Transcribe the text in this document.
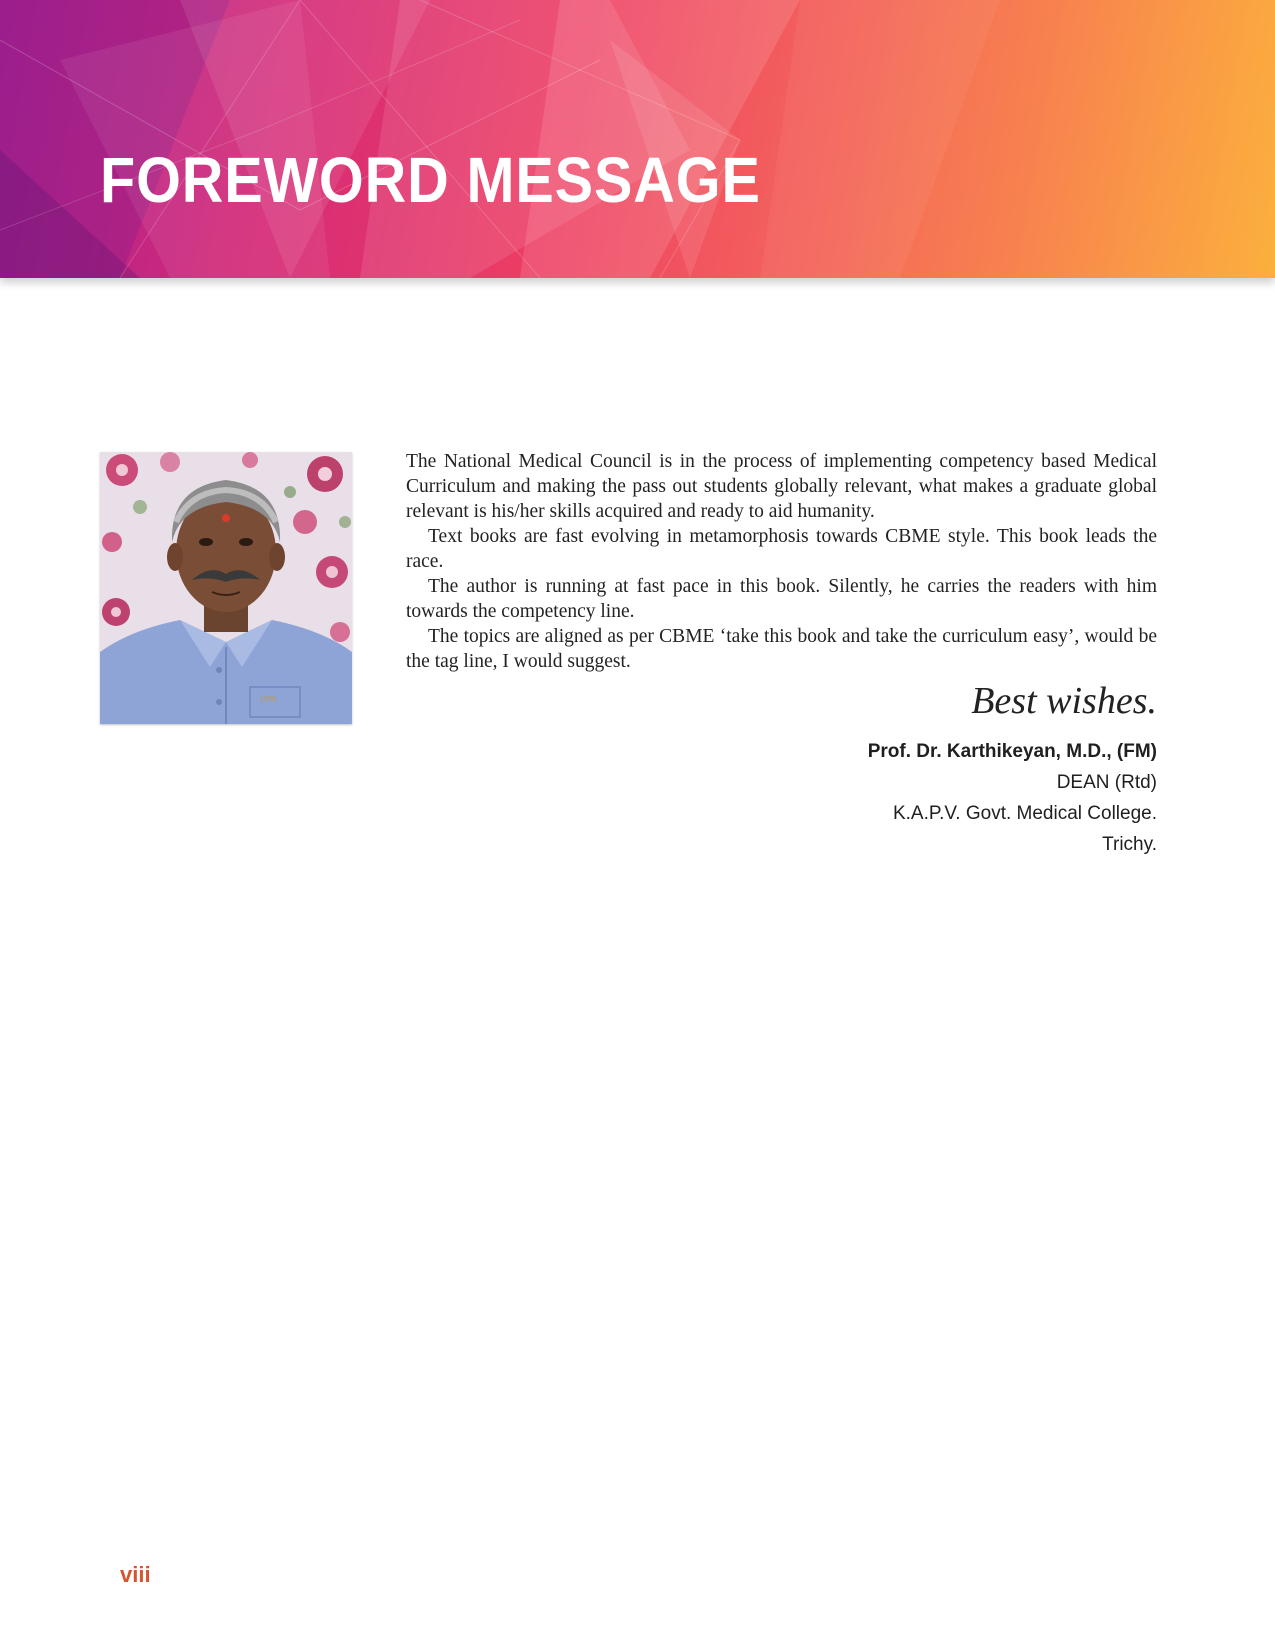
FOREWORD MESSAGE
UPN

The National Medical Council is in the process of implementing competency based Medical Curriculum and making the pass out students globally relevant, what makes a graduate global relevant is his/her skills acquired and ready to aid humanity.

Text books are fast evolving in metamorphosis towards CBME style. This book leads the race.

The author is running at fast pace in this book. Silently, he carries the readers with him towards the competency line.

The topics are aligned as per CBME ‘take this book and take the curriculum easy’, would be the tag line, I would suggest.

Best wishes.

Prof. Dr. Karthikeyan, M.D., (FM)
DEAN (Rtd)
K.A.P.V. Govt. Medical College.
Trichy.

viii
